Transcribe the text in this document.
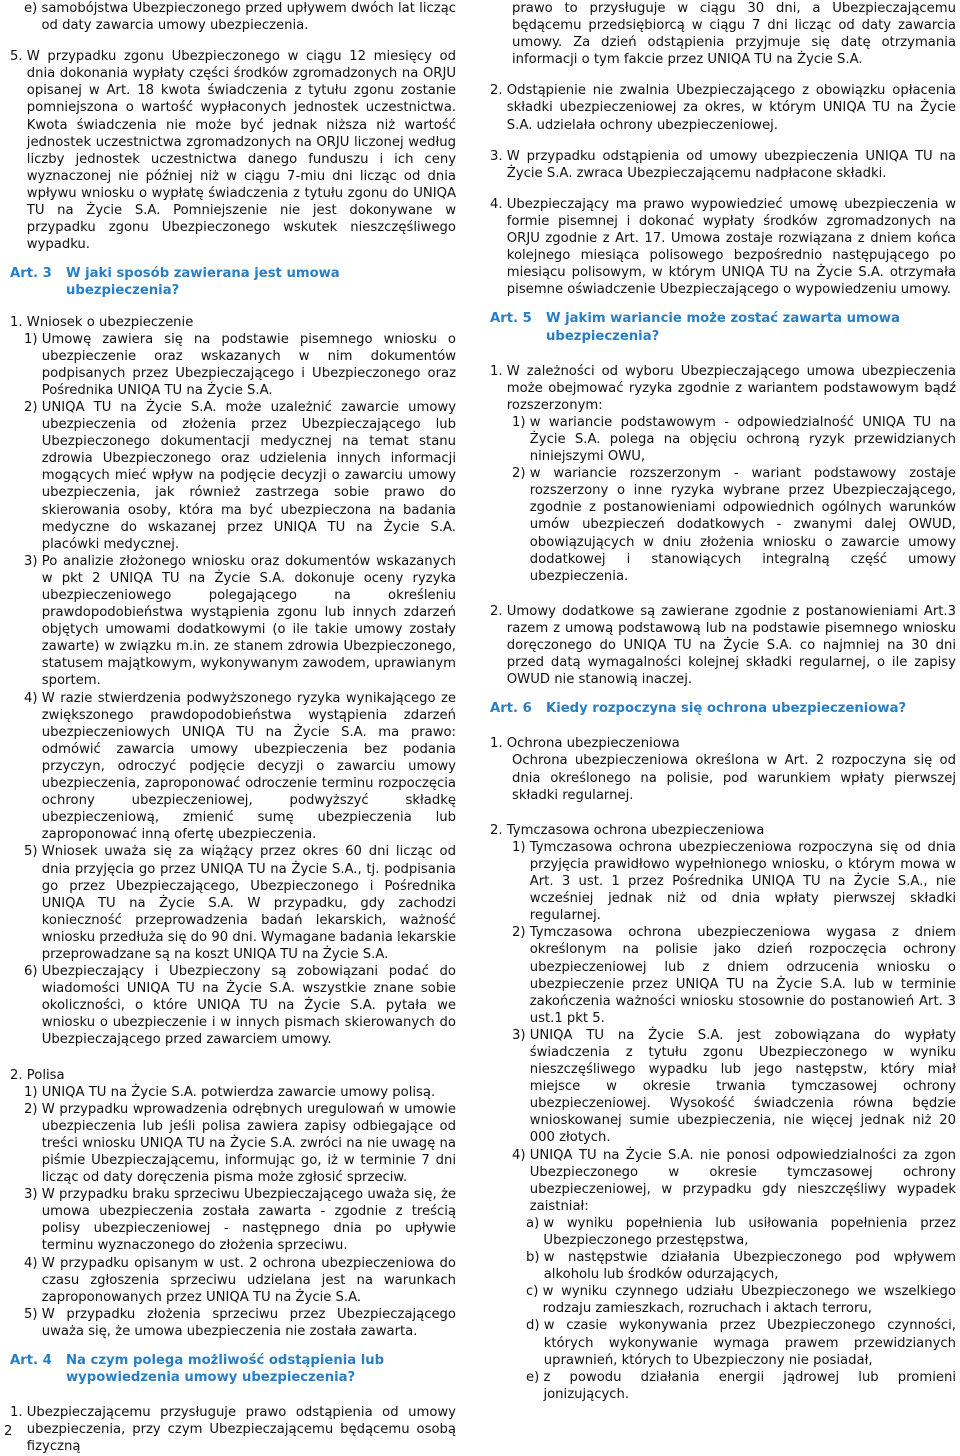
e) samobójstwa Ubezpieczonego przed upływem dwóch lat licząc od daty zawarcia umowy ubezpieczenia.
5. W przypadku zgonu Ubezpieczonego w ciągu 12 miesięcy od dnia dokonania wypłaty części środków zgromadzonych na ORJU opisanej w Art. 18 kwota świadczenia z tytułu zgonu zostanie pomniejszona o wartość wypłaconych jednostek uczestnictwa. Kwota świadczenia nie może być jednak niższa niż wartość jednostek uczestnictwa zgromadzonych na ORJU liczonej według liczby jednostek uczestnictwa danego funduszu i ich ceny wyznaczonej nie później niż w ciągu 7-miu dni licząc od dnia wpływu wniosku o wypłatę świadczenia z tytułu zgonu do UNIQA TU na Życie S.A. Pomniejszenie nie jest dokonywane w przypadku zgonu Ubezpieczonego wskutek nieszczęśliwego wypadku.
Art. 3	W jaki sposób zawierana jest umowa ubezpieczenia?
1. Wniosek o ubezpieczenie
1) Umowę zawiera się na podstawie pisemnego wniosku o ubezpieczenie oraz wskazanych w nim dokumentów podpisanych przez Ubezpieczającego i Ubezpieczonego oraz Pośrednika UNIQA TU na Życie S.A.
2) UNIQA TU na Życie S.A. może uzależnić zawarcie umowy ubezpieczenia od złożenia przez Ubezpieczającego lub Ubezpieczonego dokumentacji medycznej na temat stanu zdrowia Ubezpieczonego oraz udzielenia innych informacji mogących mieć wpływ na podjęcie decyzji o zawarciu umowy ubezpieczenia, jak również zastrzega sobie prawo do skierowania osoby, która ma być ubezpieczona na badania medyczne do wskazanej przez UNIQA TU na Życie S.A. placówki medycznej.
3) Po analizie złożonego wniosku oraz dokumentów wskazanych w pkt 2 UNIQA TU na Życie S.A. dokonuje oceny ryzyka ubezpieczeniowego polegającego na określeniu prawdopodobieństwa wystąpienia zgonu lub innych zdarzeń objętych umowami dodatkowymi (o ile takie umowy zostały zawarte) w związku m.in. ze stanem zdrowia Ubezpieczonego, statusem majątkowym, wykonywanym zawodem, uprawianym sportem.
4) W razie stwierdzenia podwyższonego ryzyka wynikającego ze zwiększonego prawdopodobieństwa wystąpienia zdarzeń ubezpieczeniowych UNIQA TU na Życie S.A. ma prawo: odmówić zawarcia umowy ubezpieczenia bez podania przyczyn, odroczyć podjęcie decyzji o zawarciu umowy ubezpieczenia, zaproponować odroczenie terminu rozpoczęcia ochrony ubezpieczeniowej, podwyższyć składkę ubezpieczeniową, zmienić sumę ubezpieczenia lub zaproponować inną ofertę ubezpieczenia.
5) Wniosek uważa się za wiążący przez okres 60 dni licząc od dnia przyjęcia go przez UNIQA TU na Życie S.A., tj. podpisania go przez Ubezpieczającego, Ubezpieczonego i Pośrednika UNIQA TU na Życie S.A. W przypadku, gdy zachodzi konieczność przeprowadzenia badań lekarskich, ważność wniosku przedłuża się do 90 dni. Wymagane badania lekarskie przeprowadzane są na koszt UNIQA TU na Życie S.A.
6) Ubezpieczający i Ubezpieczony są zobowiązani podać do wiadomości UNIQA TU na Życie S.A. wszystkie znane sobie okoliczności, o które UNIQA TU na Życie S.A. pytała we wniosku o ubezpieczenie i w innych pismach skierowanych do Ubezpieczającego przed zawarciem umowy.
2. Polisa
1) UNIQA TU na Życie S.A. potwierdza zawarcie umowy polisą.
2) W przypadku wprowadzenia odrębnych uregulowań w umowie ubezpieczenia lub jeśli polisa zawiera zapisy odbiegające od treści wniosku UNIQA TU na Życie S.A. zwróci na nie uwagę na piśmie Ubezpieczającemu, informując go, iż w terminie 7 dni licząc od daty doręczenia pisma może zgłosić sprzeciw.
3) W przypadku braku sprzeciwu Ubezpieczającego uważa się, że umowa ubezpieczenia została zawarta - zgodnie z treścią polisy ubezpieczeniowej - następnego dnia po upływie terminu wyznaczonego do złożenia sprzeciwu.
4) W przypadku opisanym w ust. 2 ochrona ubezpieczeniowa do czasu zgłoszenia sprzeciwu udzielana jest na warunkach zaproponowanych przez UNIQA TU na Życie S.A.
5) W przypadku złożenia sprzeciwu przez Ubezpieczającego uważa się, że umowa ubezpieczenia nie została zawarta.
Art. 4	Na czym polega możliwość odstąpienia lub wypowiedzenia umowy ubezpieczenia?
1. Ubezpieczającemu przysługuje prawo odstąpienia od umowy ubezpieczenia, przy czym Ubezpieczającemu będącemu osobą fizyczną

prawo to przysługuje w ciągu 30 dni, a Ubezpieczającemu będącemu przedsiębiorcą w ciągu 7 dni licząc od daty zawarcia umowy. Za dzień odstąpienia przyjmuje się datę otrzymania informacji o tym fakcie przez UNIQA TU na Życie S.A.

2. Odstąpienie nie zwalnia Ubezpieczającego z obowiązku opłacenia składki ubezpieczeniowej za okres, w którym UNIQA TU na Życie S.A. udzielała ochrony ubezpieczeniowej.
3. W przypadku odstąpienia od umowy ubezpieczenia UNIQA TU na Życie S.A. zwraca Ubezpieczającemu nadpłacone składki.
4. Ubezpieczający ma prawo wypowiedzieć umowę ubezpieczenia w formie pisemnej i dokonać wypłaty środków zgromadzonych na ORJU zgodnie z Art. 17. Umowa zostaje rozwiązana z dniem końca kolejnego miesiąca polisowego bezpośrednio następującego po miesiącu polisowym, w którym UNIQA TU na Życie S.A. otrzymała pisemne oświadczenie Ubezpieczającego o wypowiedzeniu umowy.
Art. 5	W jakim wariancie może zostać zawarta umowa ubezpieczenia?
1. W zależności od wyboru Ubezpieczającego umowa ubezpieczenia może obejmować ryzyka zgodnie z wariantem podstawowym bądź rozszerzonym:
1) w wariancie podstawowym - odpowiedzialność UNIQA TU na Życie S.A. polega na objęciu ochroną ryzyk przewidzianych niniejszymi OWU,
2) w wariancie rozszerzonym - wariant podstawowy zostaje rozszerzony o inne ryzyka wybrane przez Ubezpieczającego, zgodnie z postanowieniami odpowiednich ogólnych warunków umów ubezpieczeń dodatkowych - zwanymi dalej OWUD, obowiązujących w dniu złożenia wniosku o zawarcie umowy dodatkowej i stanowiących integralną część umowy ubezpieczenia.
2. Umowy dodatkowe są zawierane zgodnie z postanowieniami Art.3 razem z umową podstawową lub na podstawie pisemnego wniosku doręczonego do UNIQA TU na Życie S.A. co najmniej na 30 dni przed datą wymagalności kolejnej składki regularnej, o ile zapisy OWUD nie stanowią inaczej.
Art. 6	Kiedy rozpoczyna się ochrona ubezpieczeniowa?
1. Ochrona ubezpieczeniowa

Ochrona ubezpieczeniowa określona w Art. 2 rozpoczyna się od dnia określonego na polisie, pod warunkiem wpłaty pierwszej składki regularnej.

2. Tymczasowa ochrona ubezpieczeniowa
1) Tymczasowa ochrona ubezpieczeniowa rozpoczyna się od dnia przyjęcia prawidłowo wypełnionego wniosku, o którym mowa w Art. 3 ust. 1 przez Pośrednika UNIQA TU na Życie S.A., nie wcześniej jednak niż od dnia wpłaty pierwszej składki regularnej.
2) Tymczasowa ochrona ubezpieczeniowa wygasa z dniem określonym na polisie jako dzień rozpoczęcia ochrony ubezpieczeniowej lub z dniem odrzucenia wniosku o ubezpieczenie przez UNIQA TU na Życie S.A. lub w terminie zakończenia ważności wniosku stosownie do postanowień Art. 3 ust.1 pkt 5.
3) UNIQA TU na Życie S.A. jest zobowiązana do wypłaty świadczenia z tytułu zgonu Ubezpieczonego w wyniku nieszczęśliwego wypadku lub jego następstw, który miał miejsce w okresie trwania tymczasowej ochrony ubezpieczeniowej. Wysokość świadczenia równa będzie wnioskowanej sumie ubezpieczenia, nie więcej jednak niż 20 000 złotych.
4) UNIQA TU na Życie S.A. nie ponosi odpowiedzialności za zgon Ubezpieczonego w okresie tymczasowej ochrony ubezpieczeniowej, w przypadku gdy nieszczęśliwy wypadek zaistniał:
a) w wyniku popełnienia lub usiłowania popełnienia przez Ubezpieczonego przestępstwa,
b) w następstwie działania Ubezpieczonego pod wpływem alkoholu lub środków odurzających,
c) w wyniku czynnego udziału Ubezpieczonego we wszelkiego rodzaju zamieszkach, rozruchach i aktach terroru,
d) w czasie wykonywania przez Ubezpieczonego czynności, których wykonywanie wymaga prawem przewidzianych uprawnień, których to Ubezpieczony nie posiadał,
e) z powodu działania energii jądrowej lub promieni jonizujących.
2
